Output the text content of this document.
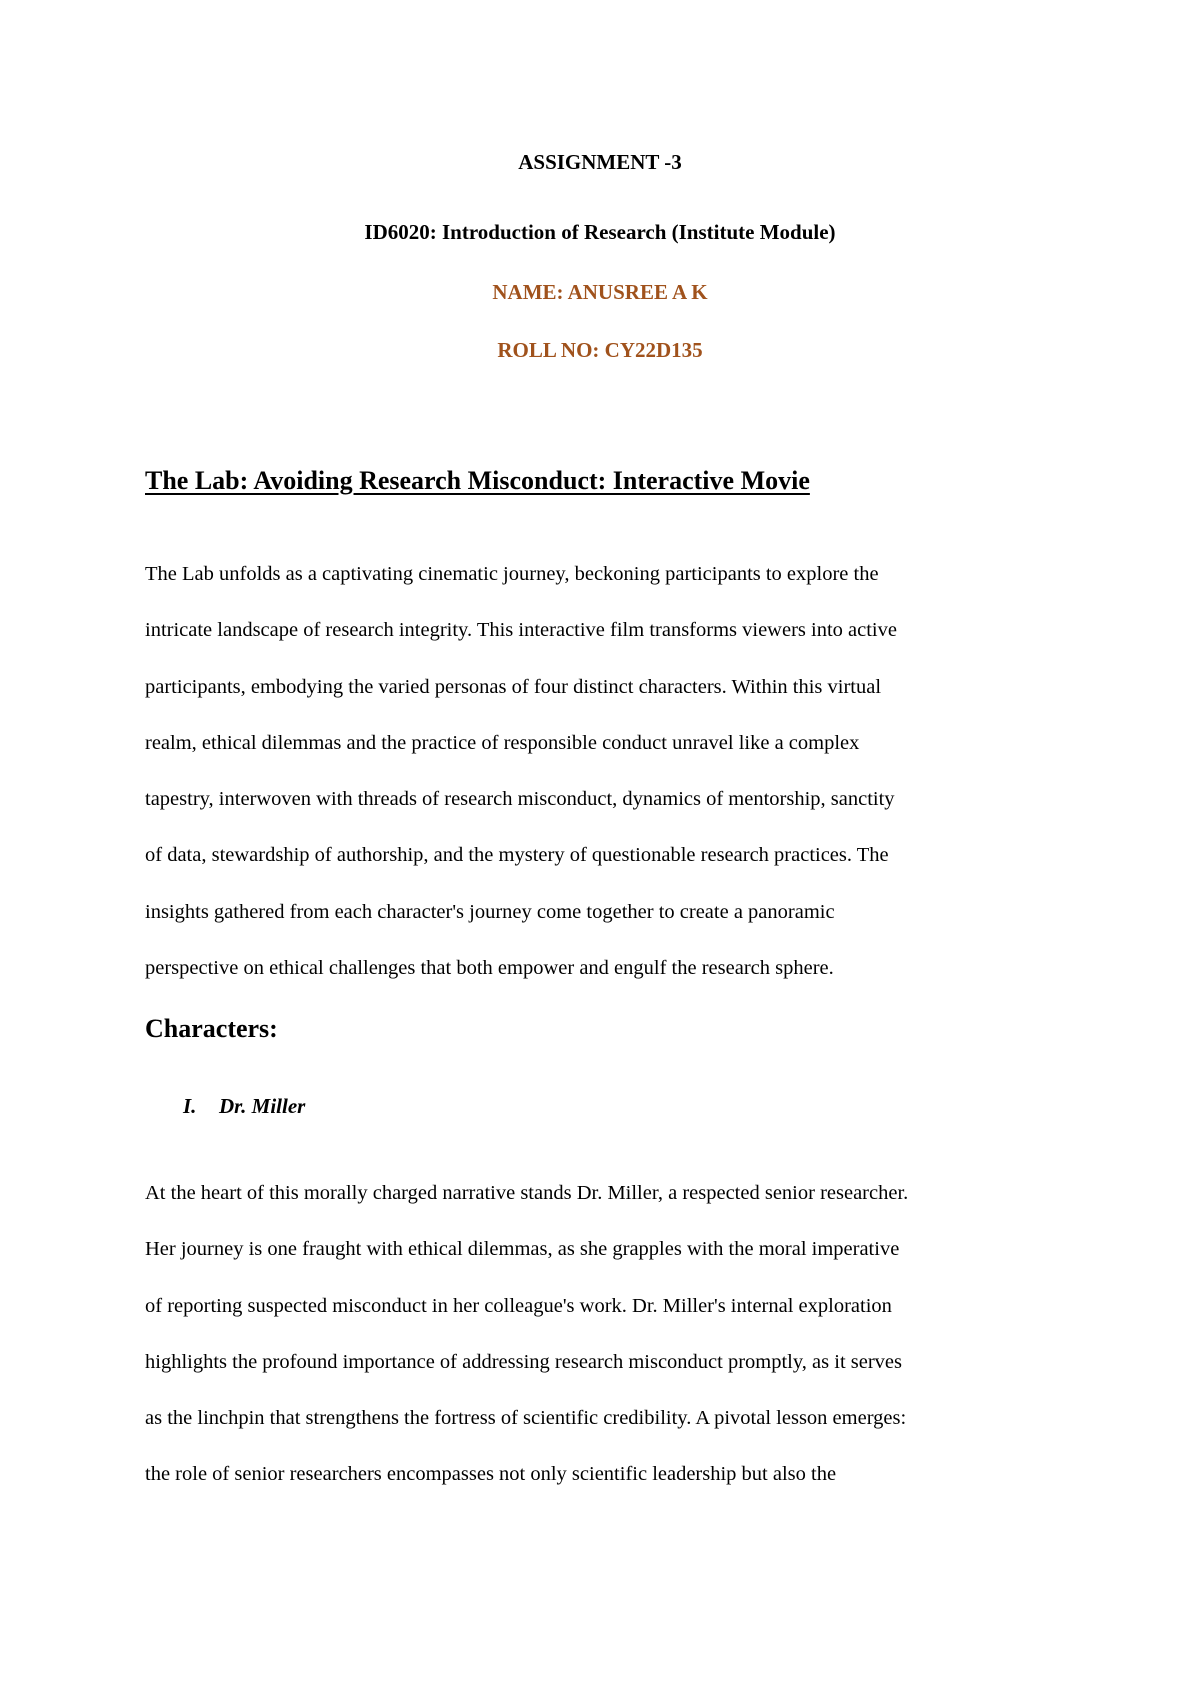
ASSIGNMENT -3
ID6020: Introduction of Research (Institute Module)
NAME: ANUSREE A K
ROLL NO: CY22D135
The Lab: Avoiding Research Misconduct: Interactive Movie

The Lab unfolds as a captivating cinematic journey, beckoning participants to explore the
intricate landscape of research integrity. This interactive film transforms viewers into active
participants, embodying the varied personas of four distinct characters. Within this virtual
realm, ethical dilemmas and the practice of responsible conduct unravel like a complex
tapestry, interwoven with threads of research misconduct, dynamics of mentorship, sanctity
of data, stewardship of authorship, and the mystery of questionable research practices. The
insights gathered from each character's journey come together to create a panoramic
perspective on ethical challenges that both empower and engulf the research sphere.

Characters:
I. Dr. Miller

At the heart of this morally charged narrative stands Dr. Miller, a respected senior researcher.
Her journey is one fraught with ethical dilemmas, as she grapples with the moral imperative
of reporting suspected misconduct in her colleague's work. Dr. Miller's internal exploration
highlights the profound importance of addressing research misconduct promptly, as it serves
as the linchpin that strengthens the fortress of scientific credibility. A pivotal lesson emerges:
the role of senior researchers encompasses not only scientific leadership but also the
